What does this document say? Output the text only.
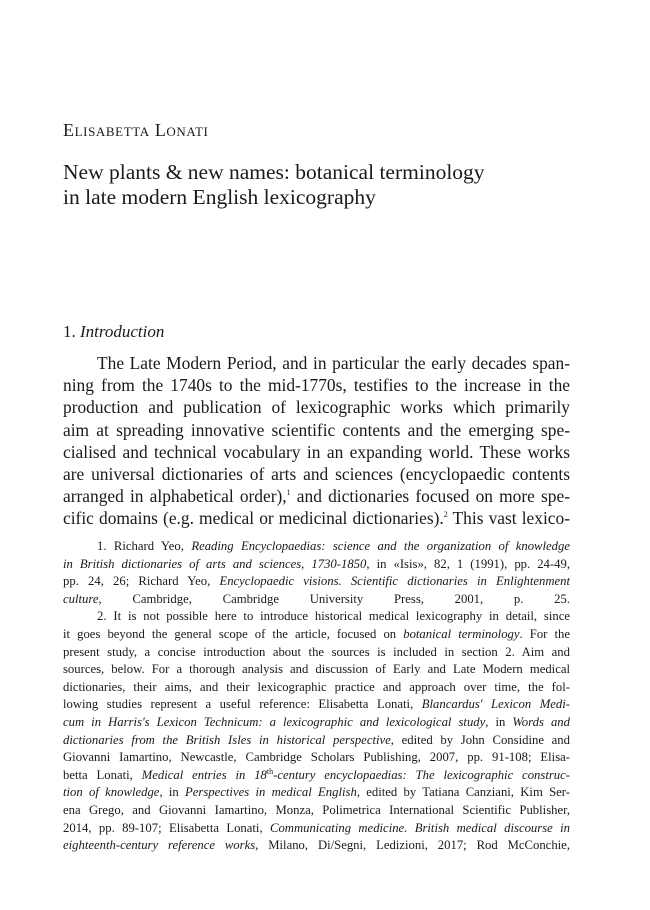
Elisabetta Lonati
New plants & new names: botanical terminology
in late modern English lexicography
1. Introduction
The Late Modern Period, and in particular the early decades span-
ning from the 1740s to the mid-1770s, testifies to the increase in the
production and publication of lexicographic works which primarily
aim at spreading innovative scientific contents and the emerging spe-
cialised and technical vocabulary in an expanding world. These works
are universal dictionaries of arts and sciences (encyclopaedic contents
arranged in alphabetical order),$^1$ and dictionaries focused on more spe-
cific domains (e.g. medical or medicinal dictionaries).$^2$ This vast lexico-
1. Richard Yeo, Reading Encyclopaedias: science and the organization of knowledge
in British dictionaries of arts and sciences, 1730-1850, in «Isis», 82, 1 (1991), pp. 24-49,
pp. 24, 26; Richard Yeo, Encyclopaedic visions. Scientific dictionaries in Enlightenment
culture, Cambridge, Cambridge University Press, 2001, p. 25.
2. It is not possible here to introduce historical medical lexicography in detail, since
it goes beyond the general scope of the article, focused on botanical terminology. For the
present study, a concise introduction about the sources is included in section 2. Aim and
sources, below. For a thorough analysis and discussion of Early and Late Modern medical
dictionaries, their aims, and their lexicographic practice and approach over time, the fol-
lowing studies represent a useful reference: Elisabetta Lonati, Blancardus' Lexicon Medi-
cum in Harris's Lexicon Technicum: a lexicographic and lexicological study, in Words and
dictionaries from the British Isles in historical perspective, edited by John Considine and
Giovanni Iamartino, Newcastle, Cambridge Scholars Publishing, 2007, pp. 91-108; Elisa-
betta Lonati, Medical entries in 18th-century encyclopaedias: The lexicographic construc-
tion of knowledge, in Perspectives in medical English, edited by Tatiana Canziani, Kim Ser-
ena Grego, and Giovanni Iamartino, Monza, Polimetrica International Scientific Publisher,
2014, pp. 89-107; Elisabetta Lonati, Communicating medicine. British medical discourse in
eighteenth-century reference works, Milano, Di/Segni, Ledizioni, 2017; Rod McConchie,
